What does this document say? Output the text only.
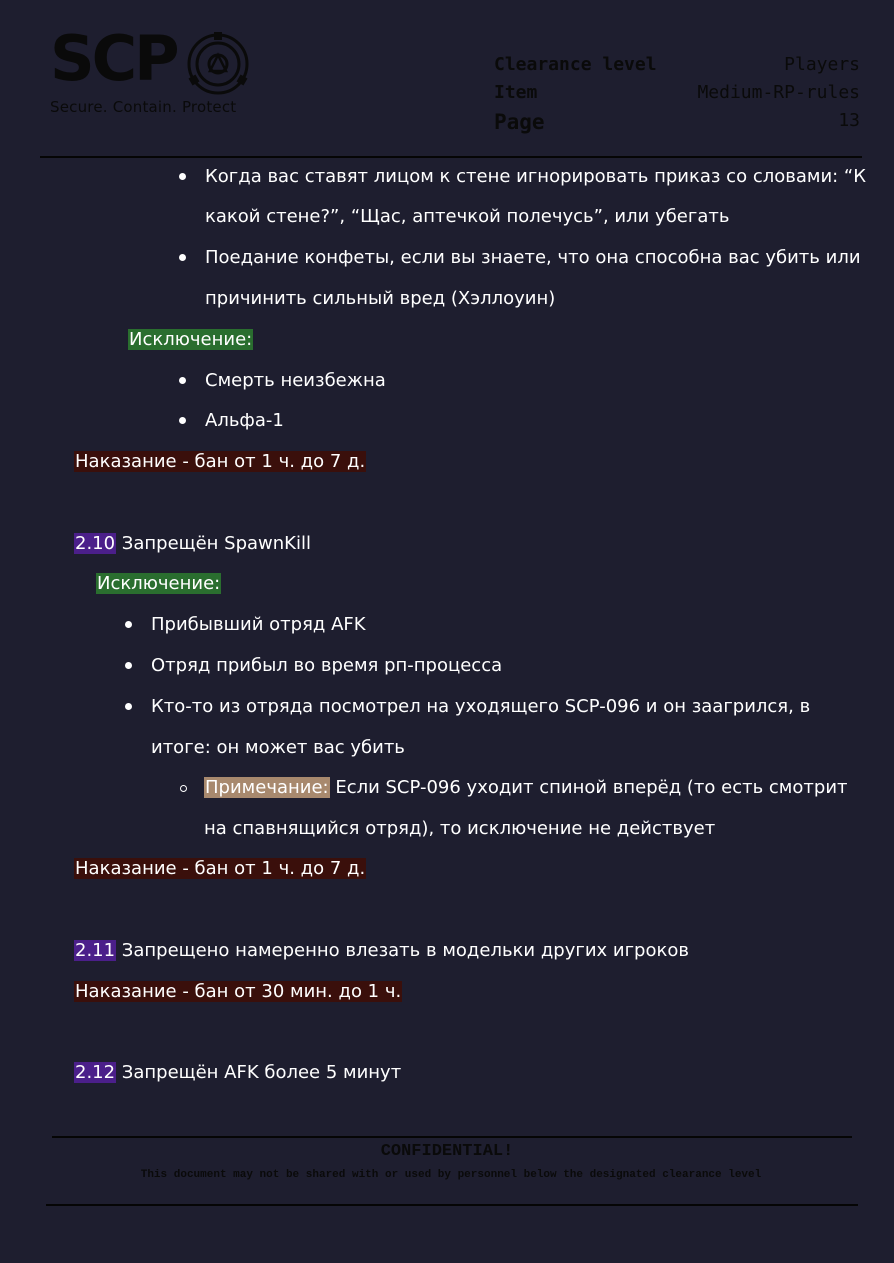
SCP
Secure. Contain. Protect
Clearance level	Players
Item	Medium-RP-rules
Page	13
Когда вас ставят лицом к стене игнорировать приказ со словами: “К
какой стене?”, “Щас, аптечкой полечусь”, или убегать
Поедание конфеты, если вы знаете, что она способна вас убить или
причинить сильный вред (Хэллоуин)
Исключение:
Смерть неизбежна
Альфа-1
Наказание - бан от 1 ч. до 7 д.
2.10 Запрещён SpawnKill
Исключение:
Прибывший отряд AFK
Отряд прибыл во время рп-процесса
Кто-то из отряда посмотрел на уходящего SCP-096 и он заагрился, в
итоге: он может вас убить
Примечание: Если SCP-096 уходит спиной вперёд (то есть смотрит
на спавнящийся отряд), то исключение не действует
Наказание - бан от 1 ч. до 7 д.
2.11 Запрещено намеренно влезать в модельки других игроков
Наказание - бан от 30 мин. до 1 ч.
2.12 Запрещён AFK более 5 минут
CONFIDENTIAL!
This document may not be shared with or used by personnel below the designated clearance level
